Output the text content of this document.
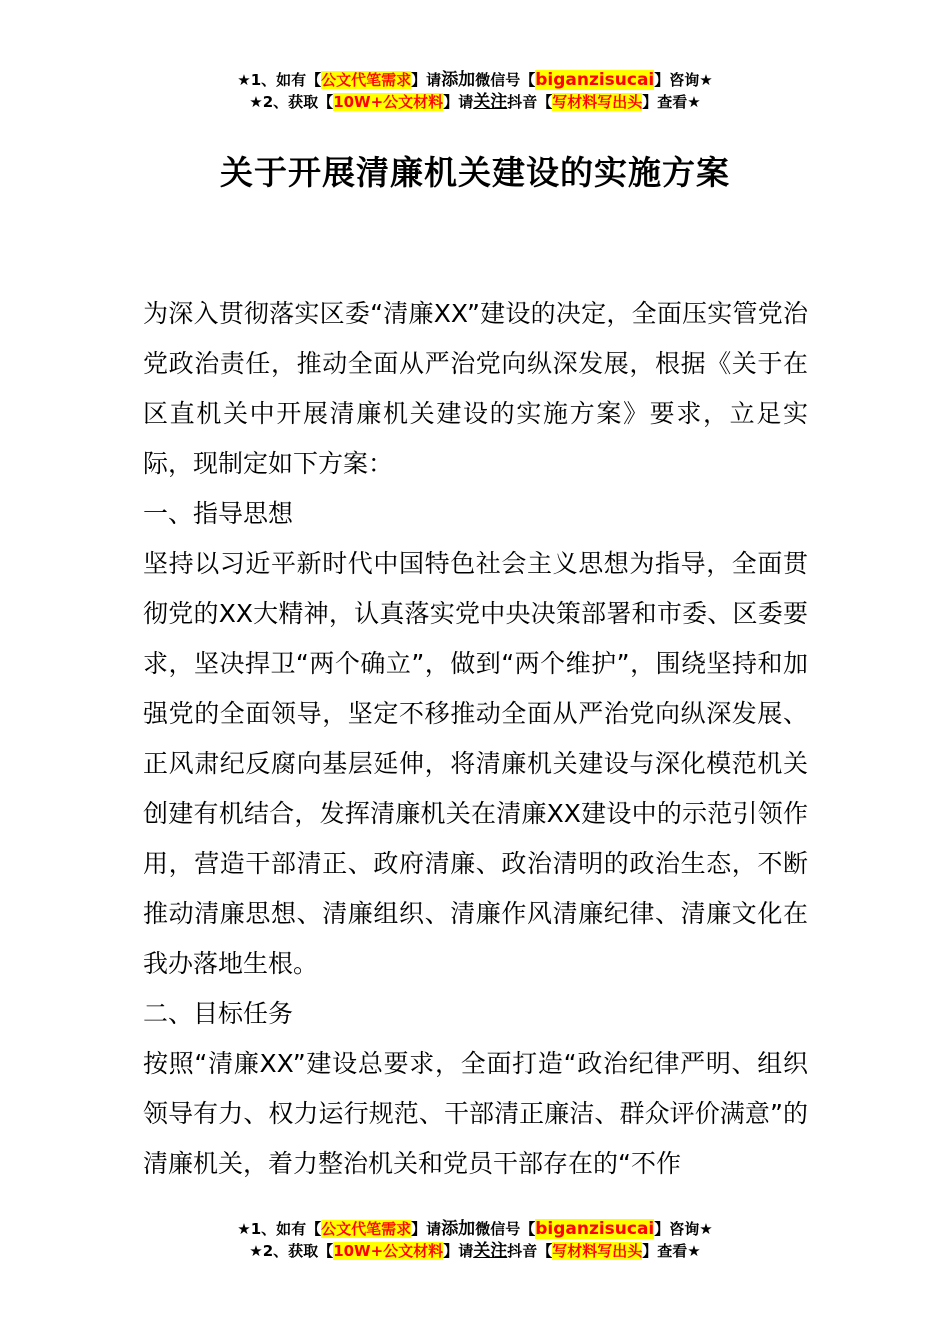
★1、如有【公文代笔需求】请添加微信号【biganzisucai】咨询★
★2、获取【10W+公文材料】请关注抖音【写材料写出头】查看★
关于开展清廉机关建设的实施方案

为深入贯彻落实区委“清廉XX”建设的决定，全面压实管党治党政治责任，推动全面从严治党向纵深发展，根据《关于在区直机关中开展清廉机关建设的实施方案》要求，立足实际，现制定如下方案：

一、指导思想

坚持以习近平新时代中国特色社会主义思想为指导，全面贯彻党的XX大精神，认真落实党中央决策部署和市委、区委要求，坚决捍卫“两个确立”，做到“两个维护”，围绕坚持和加强党的全面领导，坚定不移推动全面从严治党向纵深发展、正风肃纪反腐向基层延伸，将清廉机关建设与深化模范机关创建有机结合，发挥清廉机关在清廉XX建设中的示范引领作用，营造干部清正、政府清廉、政治清明的政治生态，不断推动清廉思想、清廉组织、清廉作风清廉纪律、清廉文化在我办落地生根。

二、目标任务

按照“清廉XX”建设总要求，全面打造“政治纪律严明、组织领导有力、权力运行规范、干部清正廉洁、群众评价满意”的清廉机关，着力整治机关和党员干部存在的“不作

★1、如有【公文代笔需求】请添加微信号【biganzisucai】咨询★
★2、获取【10W+公文材料】请关注抖音【写材料写出头】查看★
